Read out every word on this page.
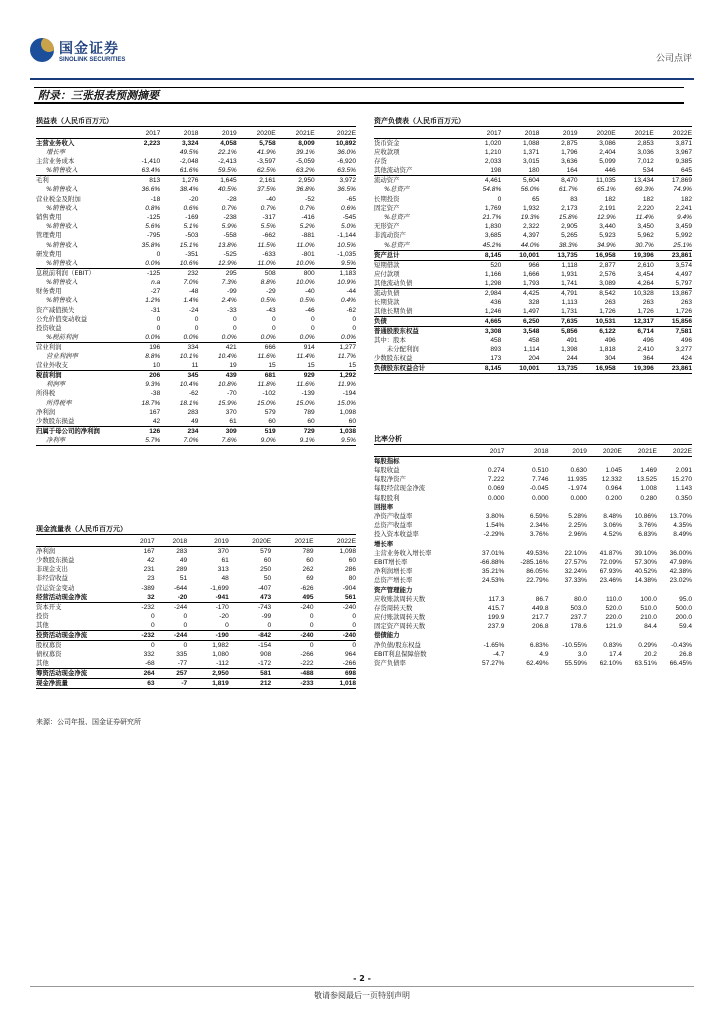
国金证券
SINOLINK SECURITIES	公司点评
附录：三张报表预测摘要
损益表（人民币百万元）
	2017	2018	2019	2020E	2021E	2022E
主营业务收入	2,223	3,324	4,058	5,758	8,009	10,892
增长率		49.5%	22.1%	41.9%	39.1%	36.0%
主营业务成本	-1,410	-2,048	-2,413	-3,597	-5,059	-6,920
%销售收入	63.4%	61.6%	59.5%	62.5%	63.2%	63.5%
毛利	813	1,276	1,645	2,161	2,950	3,972
%销售收入	36.6%	38.4%	40.5%	37.5%	36.8%	36.5%
营业税金及附加	-18	-20	-28	-40	-52	-65
%销售收入	0.8%	0.6%	0.7%	0.7%	0.7%	0.6%
销售费用	-125	-169	-238	-317	-416	-545
%销售收入	5.6%	5.1%	5.9%	5.5%	5.2%	5.0%
管理费用	-795	-503	-558	-662	-881	-1,144
%销售收入	35.8%	15.1%	13.8%	11.5%	11.0%	10.5%
研发费用	0	-351	-525	-633	-801	-1,035
%销售收入	0.0%	10.6%	12.9%	11.0%	10.0%	9.5%
息税前利润（EBIT）	-125	232	295	508	800	1,183
%销售收入	n.a	7.0%	7.3%	8.8%	10.0%	10.9%
财务费用	-27	-48	-99	-29	-40	-44
%销售收入	1.2%	1.4%	2.4%	0.5%	0.5%	0.4%
资产减值损失	-31	-24	-33	-43	-46	-62
公允价值变动收益	0	0	0	0	0	0
投资收益	0	0	0	0	0	0
%税前利润	0.0%	0.0%	0.0%	0.0%	0.0%	0.0%
营业利润	196	334	421	666	914	1,277
营业利润率	8.8%	10.1%	10.4%	11.6%	11.4%	11.7%
营业外收支	10	11	19	15	15	15
税前利润	206	345	439	681	929	1,292
利润率	9.3%	10.4%	10.8%	11.8%	11.6%	11.9%
所得税	-38	-62	-70	-102	-139	-194
所得税率	18.7%	18.1%	15.9%	15.0%	15.0%	15.0%
净利润	167	283	370	579	789	1,098
少数股东损益	42	49	61	60	60	60
归属于母公司的净利润	126	234	309	519	729	1,038
净利率	5.7%	7.0%	7.6%	9.0%	9.1%	9.5%
资产负债表（人民币百万元）
	2017	2018	2019	2020E	2021E	2022E
货币资金	1,020	1,088	2,875	3,086	2,853	3,871
应收款项	1,210	1,371	1,796	2,404	3,036	3,967
存货	2,033	3,015	3,636	5,099	7,012	9,385
其他流动资产	198	180	164	446	534	645
流动资产	4,461	5,604	8,470	11,035	13,434	17,869
%总资产	54.8%	56.0%	61.7%	65.1%	69.3%	74.9%
长期投资	0	65	83	182	182	182
固定资产	1,769	1,932	2,173	2,191	2,220	2,241
%总资产	21.7%	19.3%	15.8%	12.9%	11.4%	9.4%
无形资产	1,830	2,322	2,905	3,440	3,450	3,459
非流动资产	3,685	4,397	5,265	5,923	5,962	5,992
%总资产	45.2%	44.0%	38.3%	34.9%	30.7%	25.1%
资产总计	8,145	10,001	13,735	16,958	19,396	23,861
短期借款	520	966	1,118	2,877	2,610	3,574
应付款项	1,166	1,666	1,931	2,576	3,454	4,497
其他流动负债	1,298	1,793	1,741	3,089	4,264	5,797
流动负债	2,984	4,425	4,791	8,542	10,328	13,867
长期贷款	436	328	1,113	263	263	263
其他长期负债	1,246	1,497	1,731	1,726	1,726	1,726
负债	4,665	6,250	7,635	10,531	12,317	15,856
普通股股东权益	3,308	3,548	5,856	6,122	6,714	7,581
其中：股本	458	458	491	496	496	496
　　未分配利润	893	1,114	1,398	1,818	2,410	3,277
少数股东权益	173	204	244	304	364	424
负债股东权益合计	8,145	10,001	13,735	16,958	19,396	23,861
比率分析
	2017	2018	2019	2020E	2021E	2022E
每股指标						
每股收益	0.274	0.510	0.630	1.045	1.469	2.091
每股净资产	7.222	7.746	11.935	12.332	13.525	15.270
每股经营现金净流	0.069	-0.045	-1.974	0.964	1.008	1.143
每股股利	0.000	0.000	0.000	0.200	0.280	0.350
回报率						
净资产收益率	3.80%	6.59%	5.28%	8.48%	10.86%	13.70%
总资产收益率	1.54%	2.34%	2.25%	3.06%	3.76%	4.35%
投入资本收益率	-2.29%	3.76%	2.96%	4.52%	6.83%	8.49%
增长率						
主营业务收入增长率	37.01%	49.53%	22.10%	41.87%	39.10%	36.00%
EBIT增长率	-66.88%	-285.16%	27.57%	72.09%	57.30%	47.98%
净利润增长率	35.21%	86.05%	32.24%	67.93%	40.52%	42.38%
总资产增长率	24.53%	22.79%	37.33%	23.46%	14.38%	23.02%
资产管理能力						
应收账款周转天数	117.3	86.7	80.0	110.0	100.0	95.0
存货周转天数	415.7	449.8	503.0	520.0	510.0	500.0
应付账款周转天数	199.9	217.7	237.7	220.0	210.0	200.0
固定资产周转天数	237.9	206.8	178.6	121.9	84.4	59.4
偿债能力						
净负债/股东权益	-1.65%	6.83%	-10.55%	0.83%	0.29%	-0.43%
EBIT利息保障倍数	-4.7	4.9	3.0	17.4	20.2	26.8
资产负债率	57.27%	62.49%	55.59%	62.10%	63.51%	66.45%
现金流量表（人民币百万元）
	2017	2018	2019	2020E	2021E	2022E
净利润	167	283	370	579	789	1,098
少数股东损益	42	49	61	60	60	60
非现金支出	231	289	313	250	262	286
非经营收益	23	51	48	50	69	80
营运资金变动	-389	-644	-1,699	-407	-626	-904
经营活动现金净流	32	-20	-941	473	495	561
资本开支	-232	-244	-170	-743	-240	-240
投资	0	0	-20	-99	0	0
其他	0	0	0	0	0	0
投资活动现金净流	-232	-244	-190	-842	-240	-240
股权募资	0	0	1,982	-154	0	0
债权募资	332	335	1,080	908	-266	964
其他	-68	-77	-112	-172	-222	-266
筹资活动现金净流	264	257	2,950	581	-488	698
现金净流量	63	-7	1,819	212	-233	1,018
来源：公司年报、国金证券研究所
- 2 -
敬请参阅最后一页特别声明
